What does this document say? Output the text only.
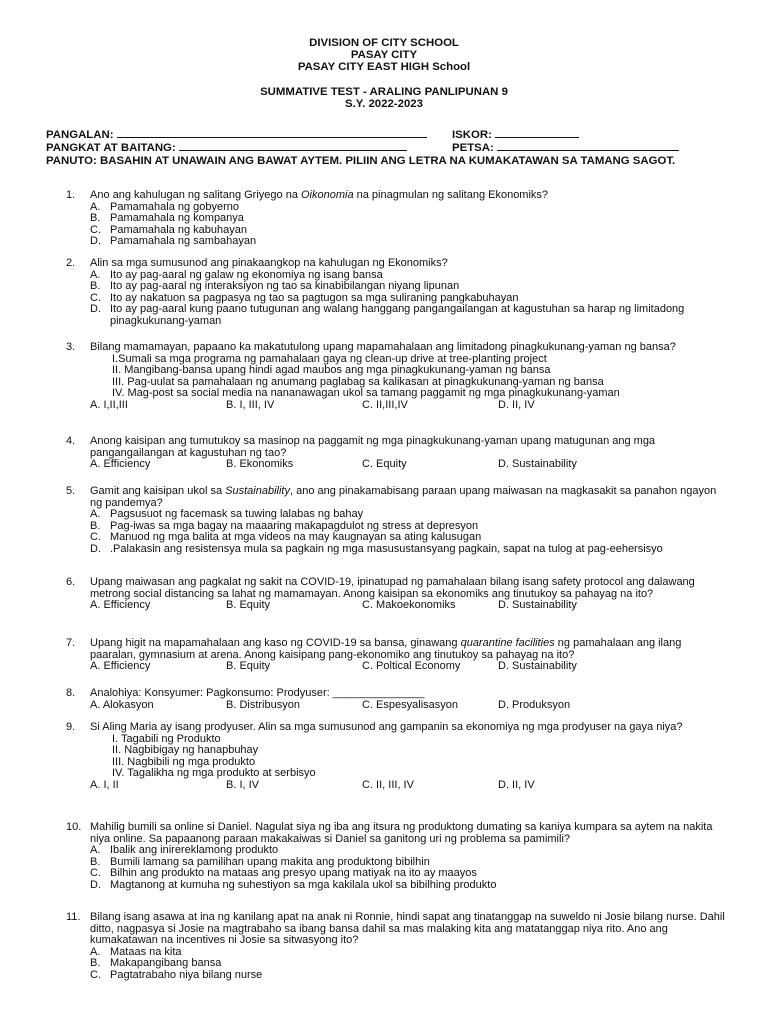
DIVISION OF CITY SCHOOL
PASAY CITY
PASAY CITY EAST HIGH School
SUMMATIVE TEST - ARALING PANLIPUNAN 9
S.Y. 2022-2023
PANGALAN:	ISKOR:
PANGKAT AT BAITANG:	PETSA:
PANUTO: BASAHIN AT UNAWAIN ANG BAWAT AYTEM. PILIIN ANG LETRA NA KUMAKATAWAN SA TAMANG SAGOT.
1. Ano ang kahulugan ng salitang Griyego na Oikonomia na pinagmulan ng salitang Ekonomiks?
A. Pamamahala ng gobyerno
B. Pamamahala ng kompanya
C. Pamamahala ng kabuhayan
D. Pamamahala ng sambahayan
2. Alin sa mga sumusunod ang pinakaangkop na kahulugan ng Ekonomiks?
A. Ito ay pag-aaral ng galaw ng ekonomiya ng isang bansa
B. Ito ay pag-aaral ng interaksiyon ng tao sa kinabibilangan niyang lipunan
C. Ito ay nakatuon sa pagpasya ng tao sa pagtugon sa mga suliraning pangkabuhayan
D. Ito ay pag-aaral kung paano tutugunan ang walang hanggang pangangailangan at kagustuhan sa harap ng limitadong pinagkukunang-yaman
3. Bilang mamamayan, papaano ka makatutulong upang mapamahalaan ang limitadong pinagkukunang-yaman ng bansa?
I.Sumali sa mga programa ng pamahalaan gaya ng clean-up drive at tree-planting project
II. Mangibang-bansa upang hindi agad maubos ang mga pinagkukunang-yaman ng bansa
III. Pag-uulat sa pamahalaan ng anumang paglabag sa kalikasan at pinagkukunang-yaman ng bansa
IV. Mag-post sa social media na nananawagan ukol sa tamang paggamit ng mga pinagkukunang-yaman
A. I,II,III	B. I, III, IV	C. II,III,IV	D. II, IV
4. Anong kaisipan ang tumutukoy sa masinop na paggamit ng mga pinagkukunang-yaman upang matugunan ang mga pangangailangan at kagustuhan ng tao?
A. Efficiency	B. Ekonomiks	C. Equity	D. Sustainability
5. Gamit ang kaisipan ukol sa Sustainability, ano ang pinakamabisang paraan upang maiwasan na magkasakit sa panahon ngayon ng pandemya?
A. Pagsusuot ng facemask sa tuwing lalabas ng bahay
B. Pag-iwas sa mga bagay na maaaring makapagdulot ng stress at depresyon
C. Manuod ng mga balita at mga videos na may kaugnayan sa ating kalusugan
D. .Palakasin ang resistensya mula sa pagkain ng mga masusustansyang pagkain, sapat na tulog at pag-eehersisyo
6. Upang maiwasan ang pagkalat ng sakit na COVID-19, ipinatupad ng pamahalaan bilang isang safety protocol ang dalawang metrong social distancing sa lahat ng mamamayan. Anong kaisipan sa ekonomiks ang tinutukoy sa pahayag na ito?
A. Efficiency	B. Equity	C. Makoekonomiks	D. Sustainability
7. Upang higit na mapamahalaan ang kaso ng COVID-19 sa bansa, ginawang quarantine facilities ng pamahalaan ang ilang paaralan, gymnasium at arena. Anong kaisipang pang-ekonomiko ang tinutukoy sa pahayag na ito?
A. Efficiency	B. Equity	C. Poltical Economy	D. Sustainability
8. Analohiya: Konsyumer: Pagkonsumo: Prodyuser: _______________
A. Alokasyon	B. Distribusyon	C. Espesyalisasyon	D. Produksyon
9. Si Aling Maria ay isang prodyuser. Alin sa mga sumusunod ang gampanin sa ekonomiya ng mga prodyuser na gaya niya?
I. Tagabili ng Produkto
II. Nagbibigay ng hanapbuhay
III. Nagbibili ng mga produkto
IV. Tagalikha ng mga produkto at serbisyo
A. I, II	B. I, IV	C. II, III, IV	D. II, IV
10. Mahilig bumili sa online si Daniel. Nagulat siya ng iba ang itsura ng produktong dumating sa kaniya kumpara sa aytem na nakita niya online. Sa papaanong paraan makakaiwas si Daniel sa ganitong uri ng problema sa pamimili?
A. Ibalik ang inirereklamong produkto
B. Bumili lamang sa pamilihan upang makita ang produktong bibilhin
C. Bilhin ang produkto na mataas ang presyo upang matiyak na ito ay maayos
D. Magtanong at kumuha ng suhestiyon sa mga kakilala ukol sa bibilhing produkto
11. Bilang isang asawa at ina ng kanilang apat na anak ni Ronnie, hindi sapat ang tinatanggap na suweldo ni Josie bilang nurse. Dahil ditto, nagpasya si Josie na magtrabaho sa ibang bansa dahil sa mas malaking kita ang matatanggap niya rito. Ano ang kumakatawan na incentives ni Josie sa sitwasyong ito?
A. Mataas na kita
B. Makapangibang bansa
C. Pagtatrabaho niya bilang nurse
